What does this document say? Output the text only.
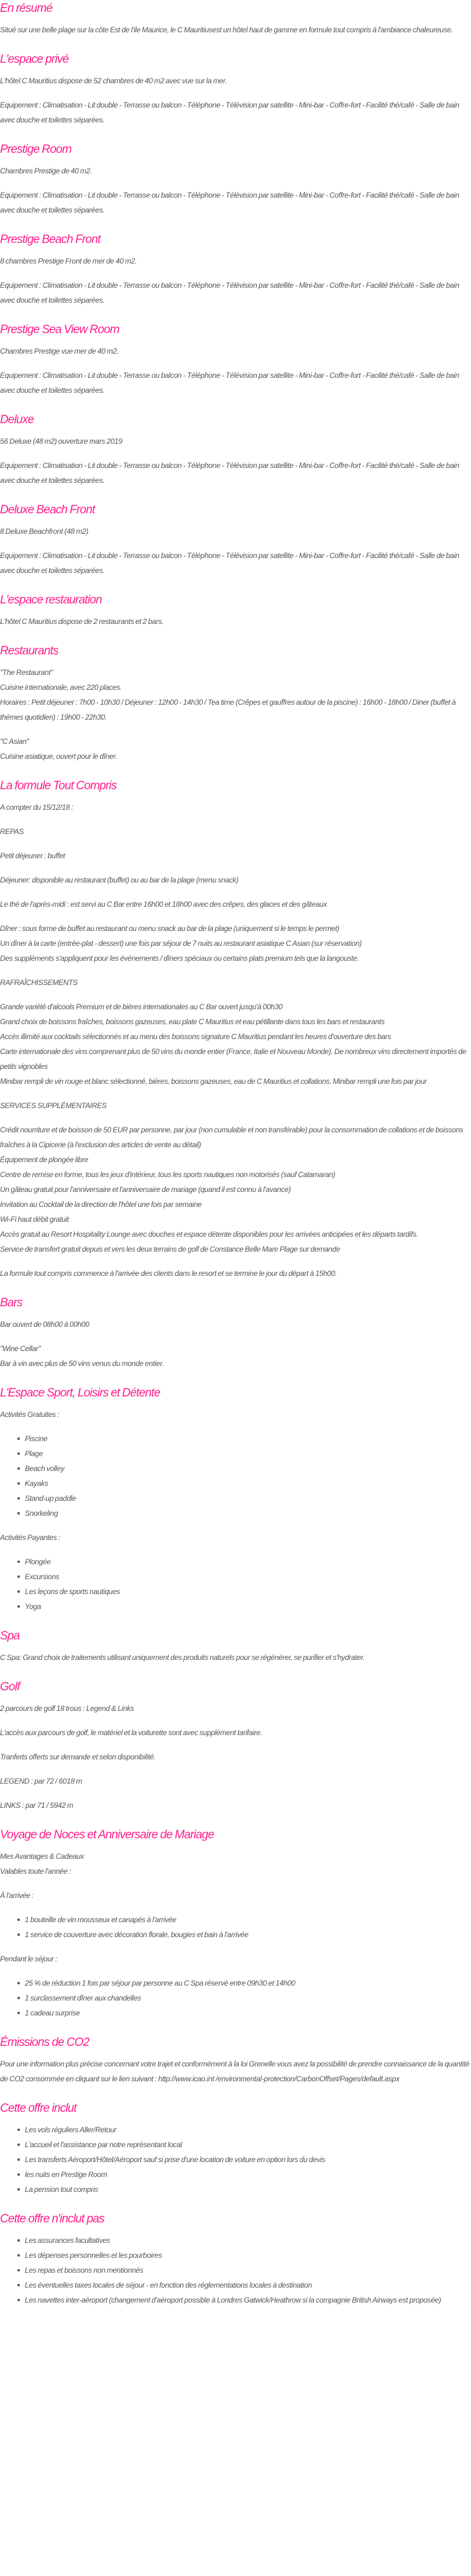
En résumé

Situé sur une belle plage sur la côte Est de l'ile Maurice, le C Mauritiusest un hôtel haut de gamme en formule tout compris à l'ambiance chaleureuse.

L'espace privé

L'hôtel C Mauritius dispose de 52 chambres de 40 m2 avec vue sur la mer.

Equipement : Climatisation - Lit double - Terrasse ou balcon - Téléphone - Télévision par satellite - Mini-bar - Coffre-fort - Facilité thé/café - Salle de bain avec douche et toilettes séparées.

Prestige Room

Chambres Prestige de 40 m2.

Equipement : Climatisation - Lit double - Terrasse ou balcon - Téléphone - Télévision par satellite - Mini-bar - Coffre-fort - Facilité thé/café - Salle de bain avec douche et toilettes séparées.

Prestige Beach Front

8 chambres Prestige Front de mer de 40 m2.

Equipement : Climatisation - Lit double - Terrasse ou balcon - Téléphone - Télévision par satellite - Mini-bar - Coffre-fort - Facilité thé/café - Salle de bain avec douche et toilettes séparées.

Prestige Sea View Room

Chambres Prestige vue mer de 40 m2.

Equipement : Climatisation - Lit double - Terrasse ou balcon - Téléphone - Télévision par satellite - Mini-bar - Coffre-fort - Facilité thé/café - Salle de bain avec douche et toilettes séparées.

Deluxe

56 Deluxe (48 m2) ouverture mars 2019

Equipement : Climatisation - Lit double - Terrasse ou balcon - Téléphone - Télévision par satellite - Mini-bar - Coffre-fort - Facilité thé/café - Salle de bain avec douche et toilettes séparées.

Deluxe Beach Front

8 Deluxe Beachfront (48 m2)

Equipement : Climatisation - Lit double - Terrasse ou balcon - Téléphone - Télévision par satellite - Mini-bar - Coffre-fort - Facilité thé/café - Salle de bain avec douche et toilettes séparées.

L'espace restauration

L'hôtel C Mauritius dispose de 2 restaurants et 2 bars.

Restaurants

"The Restaurant"
Cuisine internationale, avec 220 places.
Horaires : Petit déjeuner : 7h00 - 10h30 / Déjeuner : 12h00 - 14h30 / Tea time (Crêpes et gauffres autour de la piscine) : 16h00 - 18h00 / Diner (buffet à thémes quotidien) : 19h00 - 22h30.

"C Asian"
Cuisine asiatique, ouvert pour le dîner.

La formule Tout Compris

A compter du 15/12/18 :

REPAS

Petit déjeuner : buffet

Déjeuner: disponible au restaurant (buffet) ou au bar de la plage (menu snack)

Le thé de l'après-midi : est servi au C Bar entre 16h00 et 18h00 avec des crêpes, des glaces et des gâteaux

Dîner : sous forme de buffet au restaurant ou menu snack au bar de la plage (uniquement si le temps le permet)
Un dîner à la carte (entrée-plat - dessert) une fois par séjour de 7 nuits au restaurant asiatique C Asian (sur réservation)
Des suppléments s'appliquent pour les événements / dîners spéciaux ou certains plats premium tels que la langouste.

RAFRAÎCHISSEMENTS

Grande variété d'alcools Premium et de bières internationales au C Bar ouvert jusqu'à 00h30
Grand choix de boissons fraîches, boissons gazeuses, eau plate C Mauritius et eau pétillante dans tous les bars et restaurants
Accès illimité aux cocktails sélectionnés et au menu des boissons signature C Mauritius pendant les heures d'ouverture des bars
Carte internationale des vins comprenant plus de 50 vins du monde entier (France, Italie et Nouveau Monde). De nombreux vins directement importés de petits vignobles
Minibar rempli de vin rouge et blanc sélectionné, bières, boissons gazeuses, eau de C Mauritius et collations. Minibar rempli une fois par jour

SERVICES SUPPLÉMENTAIRES

Crédit nourriture et de boisson de 50 EUR par personne, par jour (non cumulable et non transférable) pour la consommation de collations et de boissons fraîches à la Cipicerie (à l'exclusion des articles de vente au détail)
Équipement de plongée libre
Centre de remise en forme, tous les jeux d'intérieur, tous les sports nautiques non motorisés (sauf Catamaran)
Un gâteau gratuit pour l'anniversaire et l'anniversaire de mariage (quand il est connu à l'avance)
Invitation au Cocktail de la direction de l'hôtel une fois par semaine
Wi-Fi haut débit gratuit
Accès gratuit au Resort Hospitality Lounge avec douches et espace détente disponibles pour les arrivées anticipées et les départs tardifs.
Service de transfert gratuit depuis et vers les deux terrains de golf de Constance Belle Mare Plage sur demande

La formule tout compris commence à l'arrivée des clients dans le resort et se termine le jour du départ à 15h00.

Bars

Bar ouvert de 08h00 à 00h00

"Wine Cellar"
Bar à vin avec plus de 50 vins venus du monde entier.

L'Espace Sport, Loisirs et Détente

Activités Gratuites :

Piscine
Plage
Beach volley
Kayaks
Stand-up paddle
Snorkeling

Activités Payantes :

Plongée
Excursions
Les leçons de sports nautiques
Yoga
Spa

C Spa: Grand choix de traitements utilisant uniquement des produits naturels pour se régénérer, se purifier et s'hydrater.

Golf

2 parcours de golf 18 trous : Legend & Links

L'accès aux parcours de golf, le matériel et la voiturette sont avec supplément tarifaire.

Tranferts offerts sur demande et selon disponibilité.

LEGEND : par 72 / 6018 m

LINKS : par 71 / 5942 m

Voyage de Noces et Anniversaire de Mariage

Mes Avantages & Cadeaux
Valables toute l'année :

À l'arrivée :

1 bouteille de vin mousseux et canapés à l'arrivée
1 service de couverture avec décoration florale, bougies et bain à l'arrivée

Pendant le séjour :

25 % de réduction 1 fois par séjour par personne au C Spa réservé entre 09h30 et 14h00
1 surclassement dîner aux chandelles
1 cadeau surprise
Émissions de CO2

Pour une information plus précise concernant votre trajet et conformément à la loi Grenelle vous avez la possibilité de prendre connaissance de la quantité de CO2 consommée en cliquant sur le lien suivant : http://www.icao.int /environmental-protection/CarbonOffset/Pages/default.aspx

Cette offre inclut
Les vols réguliers Aller/Retour
L'accueil et l'assistance par notre représentant local
Les transferts Aéroport/Hôtel/Aéroport sauf si prise d'une location de voiture en option lors du devis
les nuits en Prestige Room
La pension tout compris
Cette offre n'inclut pas
Les assurances facultatives
Les dépenses personnelles et les pourboires
Les repas et boissons non mentionnés
Les éventuelles taxes locales de séjour - en fonction des réglementations locales à destination
Les navettes inter-aéroport (changement d'aéroport possible à Londres Gatwick/Heathrow si la compagnie British Airways est proposée)
